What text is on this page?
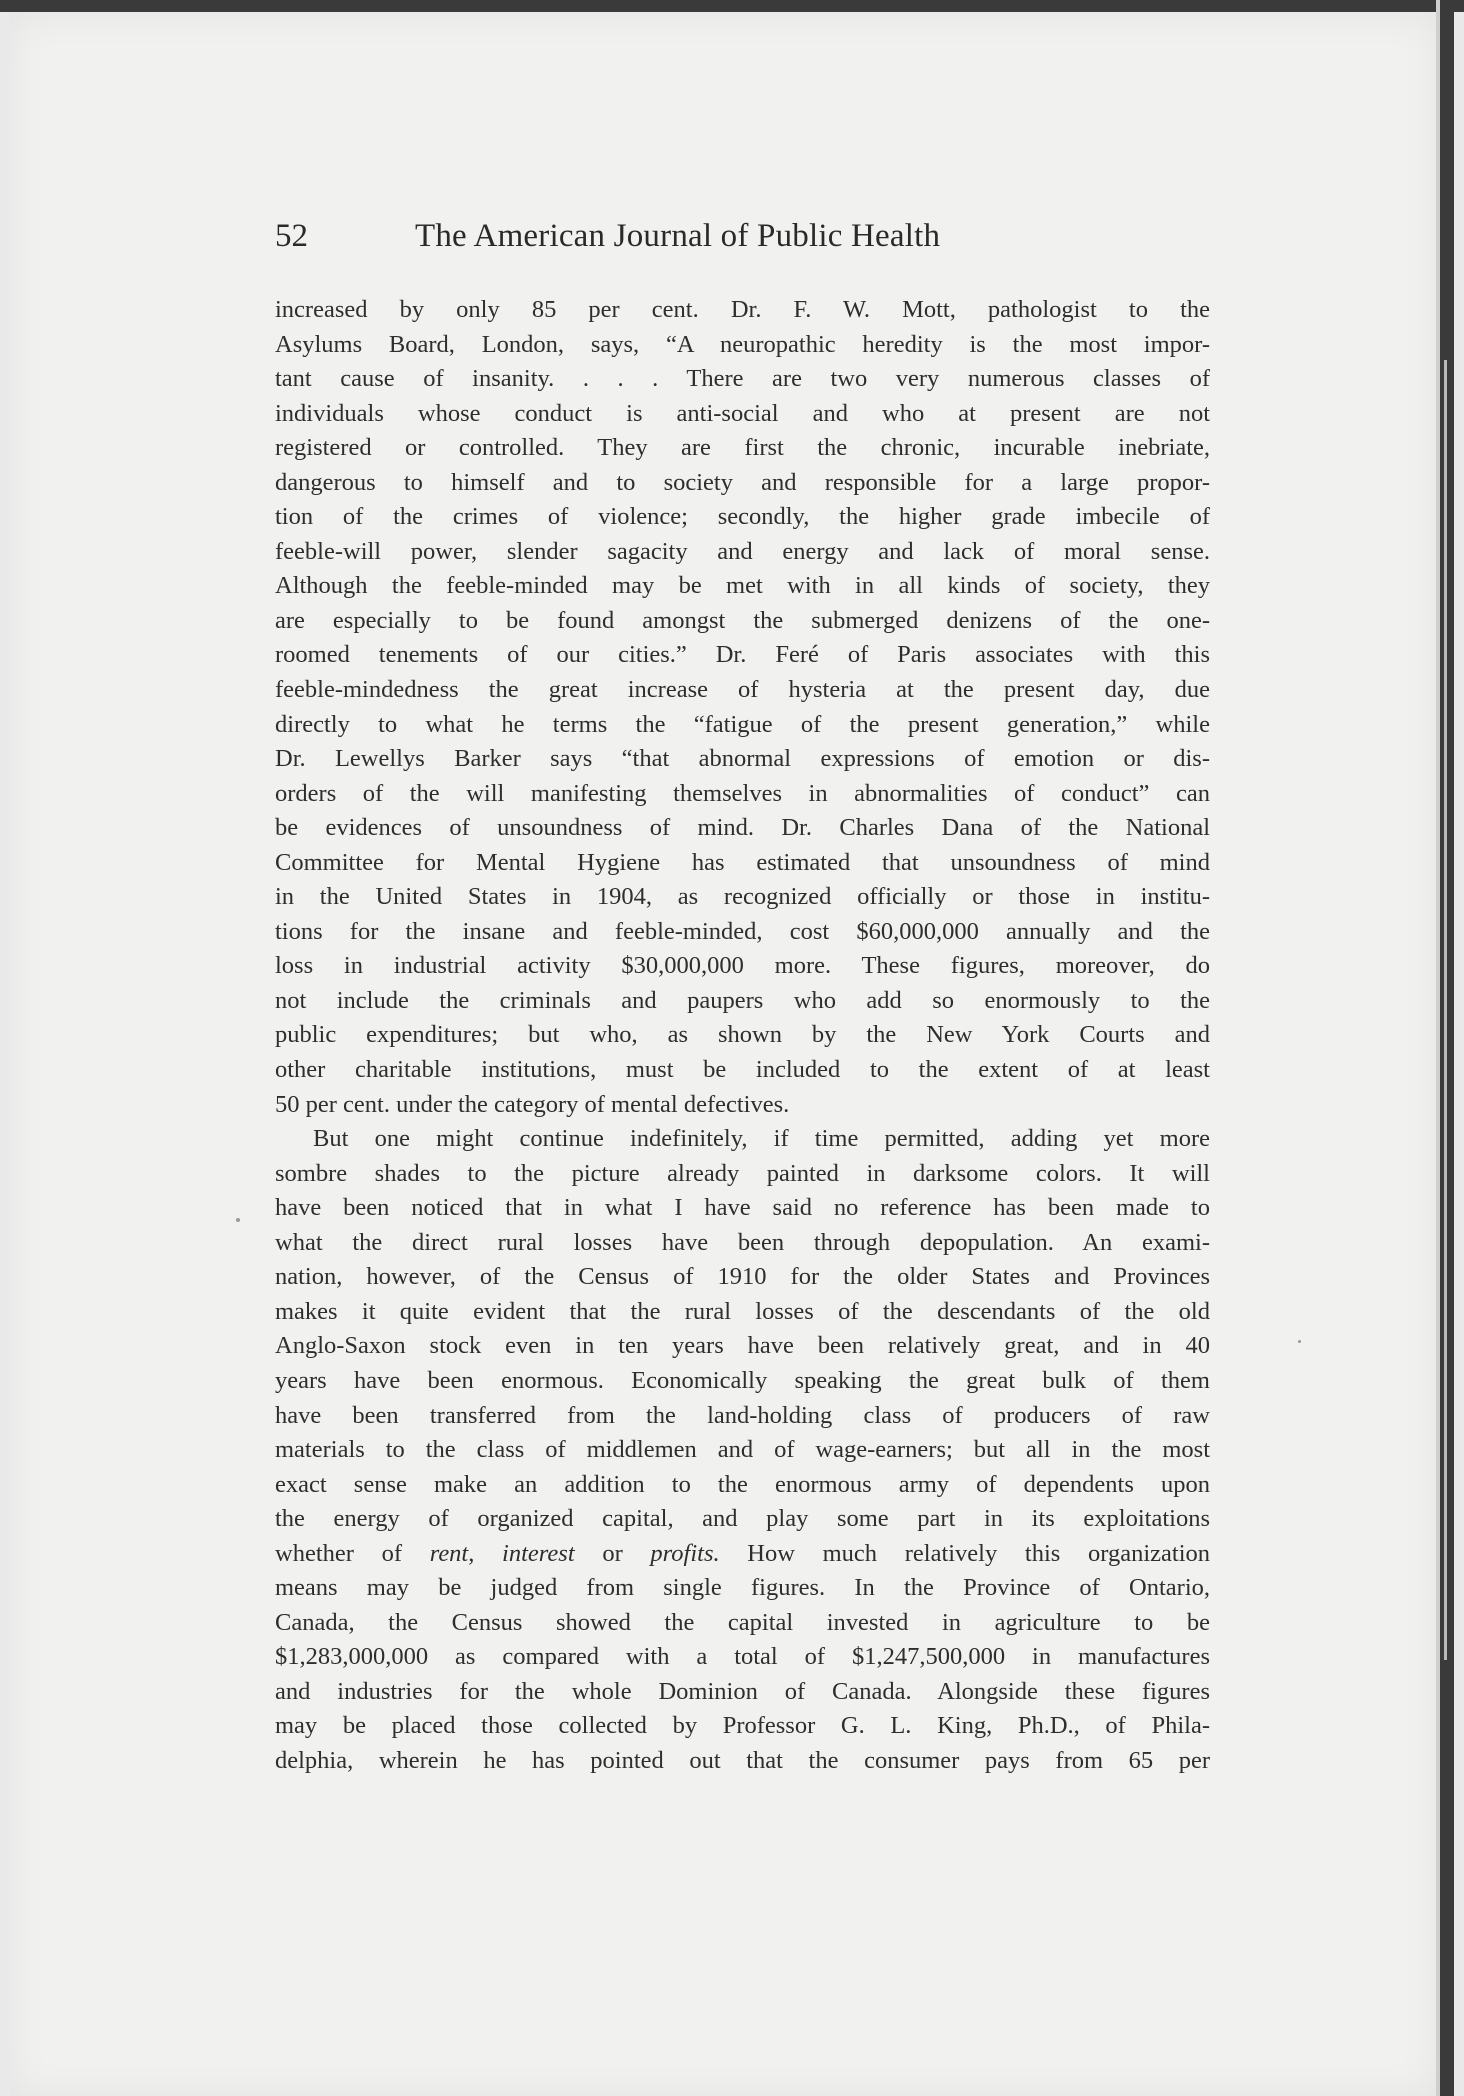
52	The American Journal of Public Health
increased by only 85 per cent. Dr. F. W. Mott, pathologist to the
Asylums Board, London, says, “A neuropathic heredity is the most impor-
tant cause of insanity. . . . There are two very numerous classes of
individuals whose conduct is anti-social and who at present are not
registered or controlled. They are first the chronic, incurable inebriate,
dangerous to himself and to society and responsible for a large propor-
tion of the crimes of violence; secondly, the higher grade imbecile of
feeble-will power, slender sagacity and energy and lack of moral sense.
Although the feeble-minded may be met with in all kinds of society, they
are especially to be found amongst the submerged denizens of the one-
roomed tenements of our cities.” Dr. Feré of Paris associates with this
feeble-mindedness the great increase of hysteria at the present day, due
directly to what he terms the “fatigue of the present generation,” while
Dr. Lewellys Barker says “that abnormal expressions of emotion or dis-
orders of the will manifesting themselves in abnormalities of conduct” can
be evidences of unsoundness of mind. Dr. Charles Dana of the National
Committee for Mental Hygiene has estimated that unsoundness of mind
in the United States in 1904, as recognized officially or those in institu-
tions for the insane and feeble-minded, cost $60,000,000 annually and the
loss in industrial activity $30,000,000 more. These figures, moreover, do
not include the criminals and paupers who add so enormously to the
public expenditures; but who, as shown by the New York Courts and
other charitable institutions, must be included to the extent of at least
50 per cent. under the category of mental defectives.
But one might continue indefinitely, if time permitted, adding yet more
sombre shades to the picture already painted in darksome colors. It will
have been noticed that in what I have said no reference has been made to
what the direct rural losses have been through depopulation. An exami-
nation, however, of the Census of 1910 for the older States and Provinces
makes it quite evident that the rural losses of the descendants of the old
Anglo-Saxon stock even in ten years have been relatively great, and in 40
years have been enormous. Economically speaking the great bulk of them
have been transferred from the land-holding class of producers of raw
materials to the class of middlemen and of wage-earners; but all in the most
exact sense make an addition to the enormous army of dependents upon
the energy of organized capital, and play some part in its exploitations
whether of rent, interest or profits. How much relatively this organization
means may be judged from single figures. In the Province of Ontario,
Canada, the Census showed the capital invested in agriculture to be
$1,283,000,000 as compared with a total of $1,247,500,000 in manufactures
and industries for the whole Dominion of Canada. Alongside these figures
may be placed those collected by Professor G. L. King, Ph.D., of Phila-
delphia, wherein he has pointed out that the consumer pays from 65 per
